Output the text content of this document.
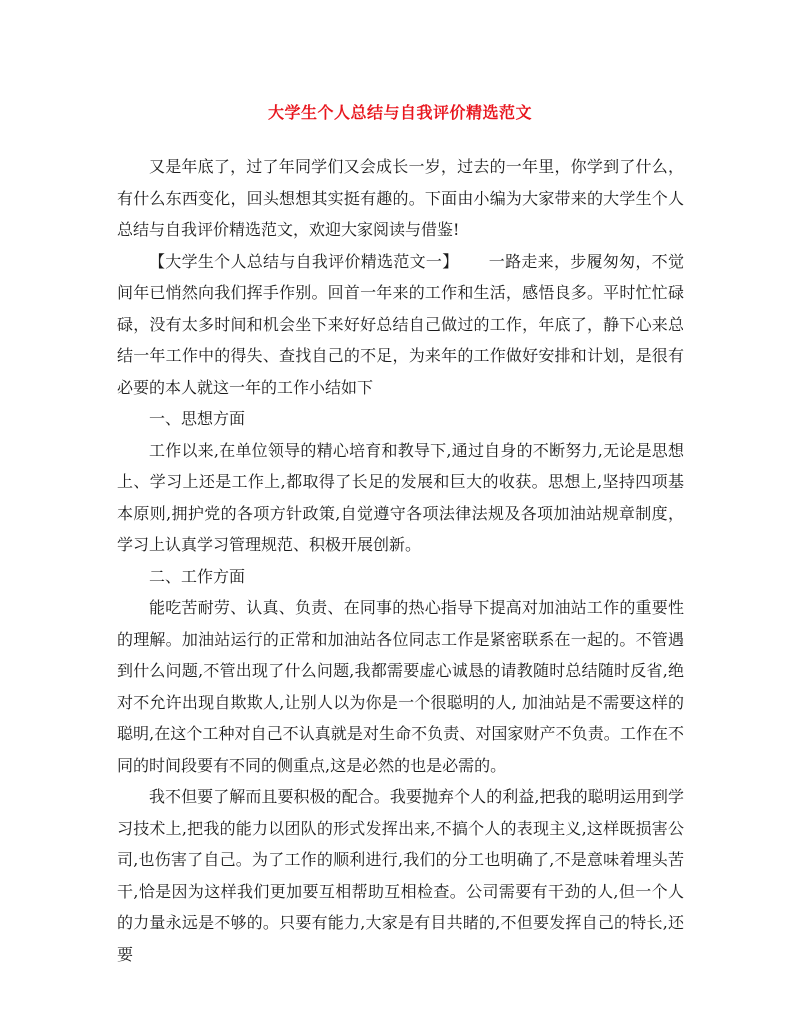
大学生个人总结与自我评价精选范文

又是年底了，过了年同学们又会成长一岁，过去的一年里，你学到了什么，有什么东西变化，回头想想其实挺有趣的。下面由小编为大家带来的大学生个人总结与自我评价精选范文，欢迎大家阅读与借鉴!

【大学生个人总结与自我评价精选范文一】 一路走来，步履匆匆，不觉间年已悄然向我们挥手作别。回首一年来的工作和生活，感悟良多。平时忙忙碌碌，没有太多时间和机会坐下来好好总结自己做过的工作，年底了，静下心来总结一年工作中的得失、查找自己的不足，为来年的工作做好安排和计划，是很有必要的本人就这一年的工作小结如下

一、思想方面

工作以来,在单位领导的精心培育和教导下,通过自身的不断努力,无论是思想上、学习上还是工作上,都取得了长足的发展和巨大的收获。思想上,坚持四项基本原则,拥护党的各项方针政策,自觉遵守各项法律法规及各项加油站规章制度，学习上认真学习管理规范、积极开展创新。

二、工作方面

能吃苦耐劳、认真、负责、在同事的热心指导下提高对加油站工作的重要性的理解。加油站运行的正常和加油站各位同志工作是紧密联系在一起的。不管遇到什么问题,不管出现了什么问题,我都需要虚心诚恳的请教随时总结随时反省,绝对不允许出现自欺欺人,让别人以为你是一个很聪明的人, 加油站是不需要这样的聪明,在这个工种对自己不认真就是对生命不负责、对国家财产不负责。工作在不同的时间段要有不同的侧重点,这是必然的也是必需的。

我不但要了解而且要积极的配合。我要抛弃个人的利益,把我的聪明运用到学习技术上,把我的能力以团队的形式发挥出来,不搞个人的表现主义,这样既损害公司,也伤害了自己。为了工作的顺利进行,我们的分工也明确了,不是意味着埋头苦干,恰是因为这样我们更加要互相帮助互相检查。公司需要有干劲的人,但一个人的力量永远是不够的。只要有能力,大家是有目共睹的,不但要发挥自己的特长,还要
